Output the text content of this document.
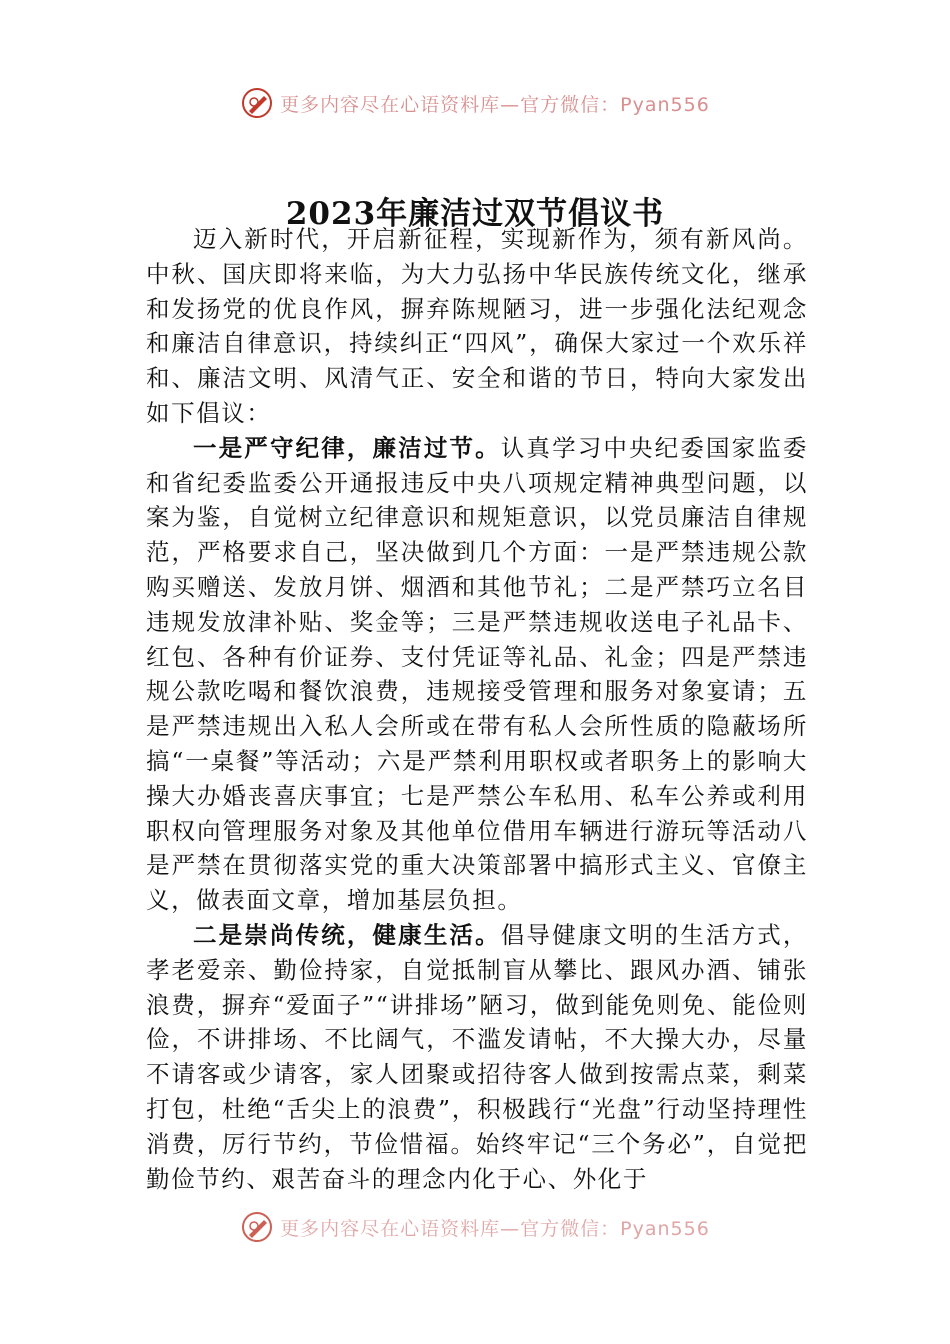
更多内容尽在心语资料库—官方微信：Pyan556
2023年廉洁过双节倡议书

迈入新时代，开启新征程，实现新作为，须有新风尚。中秋、国庆即将来临，为大力弘扬中华民族传统文化，继承和发扬党的优良作风，摒弃陈规陋习，进一步强化法纪观念和廉洁自律意识，持续纠正“四风”，确保大家过一个欢乐祥和、廉洁文明、风清气正、安全和谐的节日，特向大家发出如下倡议：

一是严守纪律，廉洁过节。认真学习中央纪委国家监委和省纪委监委公开通报违反中央八项规定精神典型问题，以案为鉴，自觉树立纪律意识和规矩意识，以党员廉洁自律规范，严格要求自己，坚决做到几个方面：一是严禁违规公款购买赠送、发放月饼、烟酒和其他节礼；二是严禁巧立名目违规发放津补贴、奖金等；三是严禁违规收送电子礼品卡、红包、各种有价证券、支付凭证等礼品、礼金；四是严禁违规公款吃喝和餐饮浪费，违规接受管理和服务对象宴请；五是严禁违规出入私人会所或在带有私人会所性质的隐蔽场所搞“一桌餐”等活动；六是严禁利用职权或者职务上的影响大操大办婚丧喜庆事宜；七是严禁公车私用、私车公养或利用职权向管理服务对象及其他单位借用车辆进行游玩等活动八是严禁在贯彻落实党的重大决策部署中搞形式主义、官僚主义，做表面文章，增加基层负担。

二是崇尚传统，健康生活。倡导健康文明的生活方式，孝老爱亲、勤俭持家，自觉抵制盲从攀比、跟风办酒、铺张浪费，摒弃“爱面子”“讲排场”陋习，做到能免则免、能俭则俭，不讲排场、不比阔气，不滥发请帖，不大操大办，尽量不请客或少请客，家人团聚或招待客人做到按需点菜，剩菜打包，杜绝“舌尖上的浪费”，积极践行“光盘”行动坚持理性消费，厉行节约，节俭惜福。始终牢记“三个务必”，自觉把勤俭节约、艰苦奋斗的理念内化于心、外化于

更多内容尽在心语资料库—官方微信：Pyan556
